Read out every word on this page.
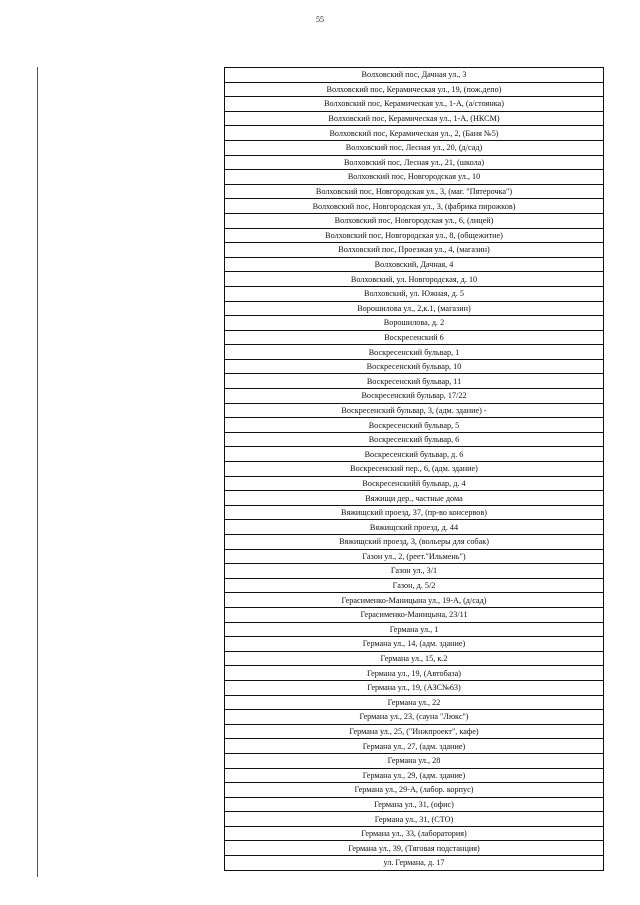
55
Волховский пос, Дачная ул., 3
Волховский пос, Керамическая ул., 19, (пож.депо)
Волховский пос, Керамическая ул., 1-А, (а/стоянка)
Волховский пос, Керамическая ул., 1-А, (НКСМ)
Волховский пос, Керамическая ул., 2, (Баня №5)
Волховский пос, Лесная ул., 20, (д/сад)
Волховский пос, Лесная ул., 21, (школа)
Волховский пос, Новгородская ул., 10
Волховский пос, Новгородская ул., 3, (маг. "Пятерочка")
Волховский пос, Новгородская ул., 3, (фабрика пирожков)
Волховский пос, Новгородская ул., 6, (лицей)
Волховский пос, Новгородская ул., 8, (общежитие)
Волховский пос, Проезжая ул., 4, (магазин)
Волховский, Дачная, 4
Волховский, ул. Новгородская, д. 10
Волховский, ул. Южная, д. 5
Ворошилова ул., 2,к.1, (магазин)
Ворошилова, д. 2
Воскресенский 6
Воскресенский бульвар, 1
Воскресенский бульвар, 10
Воскресенский бульвар, 11
Воскресенский бульвар, 17/22
Воскресенский бульвар, 3, (адм. здание) -
Воскресенский бульвар, 5
Воскресенский бульвар, 6
Воскресенский бульвар, д. 6
Воскресенский пер., 6, (адм. здание)
Воскресенскийй бульвар, д. 4
Вяжищи дер., частные дома
Вяжищский проезд, 37, (пр-во консервов)
Вяжищский проезд, д. 44
Вяжищский проезд, 3, (вольеры для собак)
Газон ул., 2, (реет."Ильмень")
Газон ул., 3/1
Газон, д. 5/2
Герасименко-Маницына ул., 19-А, (д/сад)
Герасименко-Маницына, 23/11
Германа ул., 1
Германа ул., 14, (адм. здание)
Германа ул., 15, к.2
Германа ул., 19, (Автобаза)
Германа ул., 19, (АЗС№63)
Германа ул., 22
Германа ул., 23, (сауна "Люкс")
Германа ул., 25, ("Инжпроект", кафе)
Германа ул., 27, (адм. здание)
Германа ул., 28
Германа ул., 29, (адм. здание)
Германа ул., 29-А, (лабор. корпус)
Германа ул., 31, (офис)
Германа ул., 31, (СТО)
Германа ул., 33, (лаборатория)
Германа ул., 39, (Тяговая подстанция)
ул. Германа, д. 17
